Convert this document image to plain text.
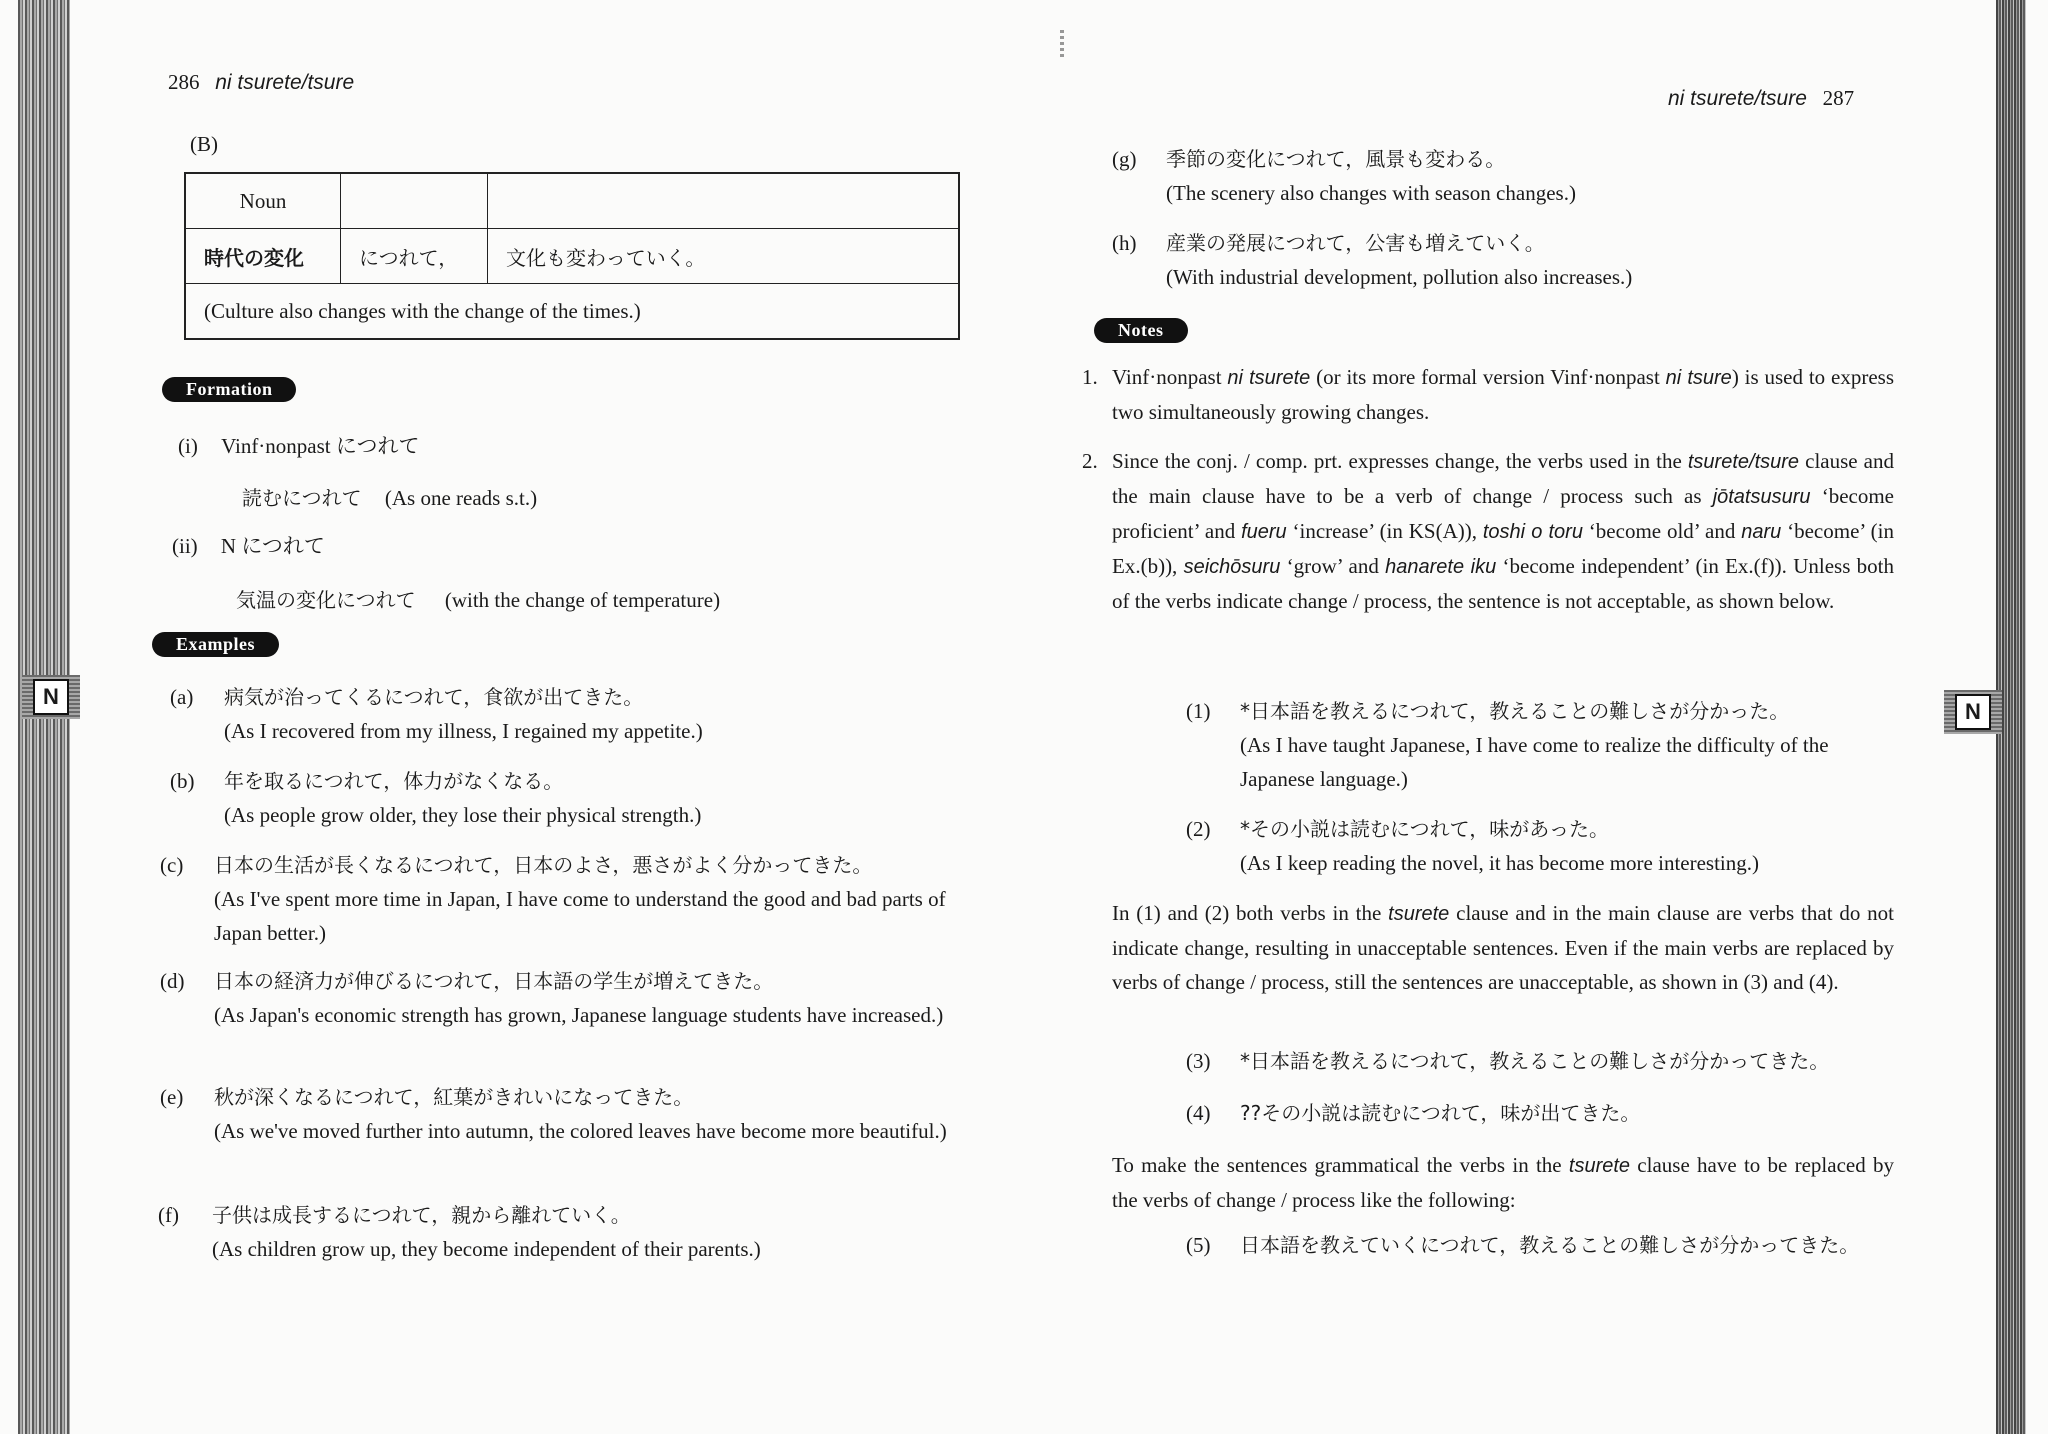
N
N
286 ni tsurete/tsure
(B)
Noun		
時代の変化	につれて，	文化も変わっていく。
(Culture also changes with the change of the times.)		
Formation
(i) Vinf·nonpast につれて
読むにつれて (As one reads s.t.)
(ii) N につれて
気温の変化につれて (with the change of temperature)
Examples
(a) 病気が治ってくるにつれて，食欲が出てきた。
(As I recovered from my illness, I regained my appetite.)
(b) 年を取るにつれて，体力がなくなる。
(As people grow older, they lose their physical strength.)
(c) 日本の生活が長くなるにつれて，日本のよさ，悪さがよく分かってきた。
(As I've spent more time in Japan, I have come to understand the good and bad parts of Japan better.)
(d) 日本の経済力が伸びるにつれて，日本語の学生が増えてきた。
(As Japan's economic strength has grown, Japanese language students have increased.)
(e) 秋が深くなるにつれて，紅葉がきれいになってきた。
(As we've moved further into autumn, the colored leaves have become more beautiful.)
(f) 子供は成長するにつれて，親から離れていく。
(As children grow up, they become independent of their parents.)
ni tsurete/tsure 287
(g) 季節の変化につれて，風景も変わる。
(The scenery also changes with season changes.)
(h) 産業の発展につれて，公害も増えていく。
(With industrial development, pollution also increases.)
Notes
1. Vinf·nonpast ni tsurete (or its more formal version Vinf·nonpast ni tsure) is used to express two simultaneously growing changes.
2. Since the conj. / comp. prt. expresses change, the verbs used in the tsurete/tsure clause and the main clause have to be a verb of change / process such as jōtatsusuru ‘become proficient’ and fueru ‘increase’ (in KS(A)), toshi o toru ‘become old’ and naru ‘become’ (in Ex.(b)), seichōsuru ‘grow’ and hanarete iku ‘become independent’ (in Ex.(f)). Unless both of the verbs indicate change / process, the sentence is not acceptable, as shown below.
(1) *日本語を教えるにつれて，教えることの難しさが分かった。
(As I have taught Japanese, I have come to realize the difficulty of the Japanese language.)
(2) *その小説は読むにつれて，味があった。
(As I keep reading the novel, it has become more interesting.)
In (1) and (2) both verbs in the tsurete clause and in the main clause are verbs that do not indicate change, resulting in unacceptable sentences. Even if the main verbs are replaced by verbs of change / process, still the sentences are unacceptable, as shown in (3) and (4).
(3) *日本語を教えるにつれて，教えることの難しさが分かってきた。
(4) ??その小説は読むにつれて，味が出てきた。
To make the sentences grammatical the verbs in the tsurete clause have to be replaced by the verbs of change / process like the following:
(5) 日本語を教えていくにつれて，教えることの難しさが分かってきた。
